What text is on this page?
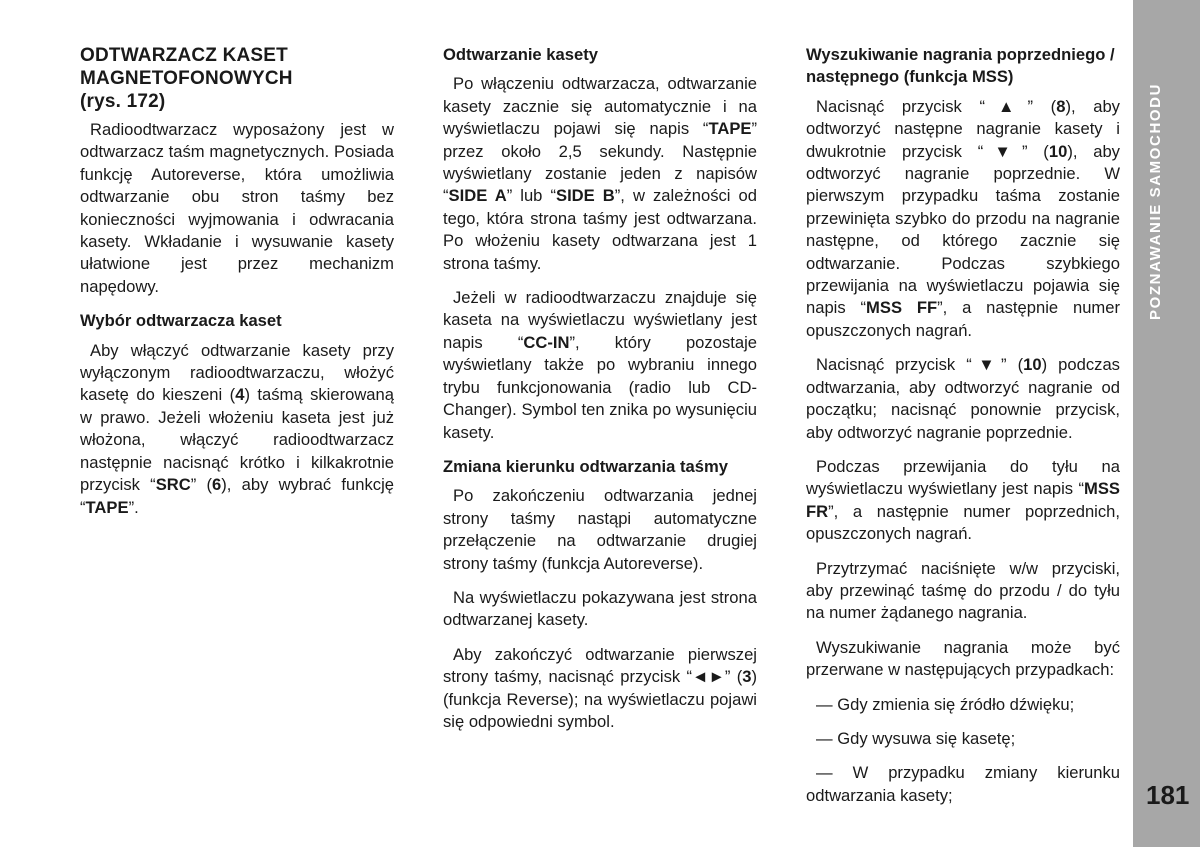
ODTWARZACZ KASET
MAGNETOFONOWYCH
(rys. 172)

Radioodtwarzacz wyposażony jest w odtwarzacz taśm magnetycznych. Posiada funkcję Autoreverse, która umożliwia odtwarzanie obu stron taśmy bez konieczności wyjmowania i odwracania kasety. Wkładanie i wysuwanie kasety ułatwione jest przez mechanizm napędowy.

Wybór odtwarzacza kaset

Aby włączyć odtwarzanie kasety przy wyłączonym radioodtwarzaczu, włożyć kasetę do kieszeni (4) taśmą skierowaną w prawo. Jeżeli włożeniu kaseta jest już włożona, włączyć radioodtwarzacz następnie nacisnąć krótko i kilkakrotnie przycisk “SRC” (6), aby wybrać funkcję “TAPE”.

Odtwarzanie kasety

Po włączeniu odtwarzacza, odtwarzanie kasety zacznie się automatycznie i na wyświetlaczu pojawi się napis “TAPE” przez około 2,5 sekundy. Następnie wyświetlany zostanie jeden z napisów “SIDE A” lub “SIDE B”, w zależności od tego, która strona taśmy jest odtwarzana. Po włożeniu kasety odtwarzana jest 1 strona taśmy.

Jeżeli w radioodtwarzaczu znajduje się kaseta na wyświetlaczu wyświetlany jest napis “CC-IN”, który pozostaje wyświetlany także po wybraniu innego trybu funkcjonowania (radio lub CD-Changer). Symbol ten znika po wysunięciu kasety.

Zmiana kierunku odtwarzania taśmy

Po zakończeniu odtwarzania jednej strony taśmy nastąpi automatyczne przełączenie na odtwarzanie drugiej strony taśmy (funkcja Autoreverse).

Na wyświetlaczu pokazywana jest strona odtwarzanej kasety.

Aby zakończyć odtwarzanie pierwszej strony taśmy, nacisnąć przycisk “◄►” (3) (funkcja Reverse); na wyświetlaczu pojawi się odpowiedni symbol.

Wyszukiwanie nagrania poprzedniego / następnego (funkcja MSS)

Nacisnąć przycisk “▲” (8), aby odtworzyć następne nagranie kasety i dwukrotnie przycisk “▼” (10), aby odtworzyć nagranie poprzednie. W pierwszym przypadku taśma zostanie przewinięta szybko do przodu na nagranie następne, od którego zacznie się odtwarzanie. Podczas szybkiego przewijania na wyświetlaczu pojawia się napis “MSS FF”, a następnie numer opuszczonych nagrań.

Nacisnąć przycisk “▼” (10) podczas odtwarzania, aby odtworzyć nagranie od początku; nacisnąć ponownie przycisk, aby odtworzyć nagranie poprzednie.

Podczas przewijania do tyłu na wyświetlaczu wyświetlany jest napis “MSS FR”, a następnie numer poprzednich, opuszczonych nagrań.

Przytrzymać naciśnięte w/w przyciski, aby przewinąć taśmę do przodu / do tyłu na numer żądanego nagrania.

Wyszukiwanie nagrania może być przerwane w następujących przypadkach:

— Gdy zmienia się źródło dźwięku;

— Gdy wysuwa się kasetę;

— W przypadku zmiany kierunku odtwarzania kasety;	181
